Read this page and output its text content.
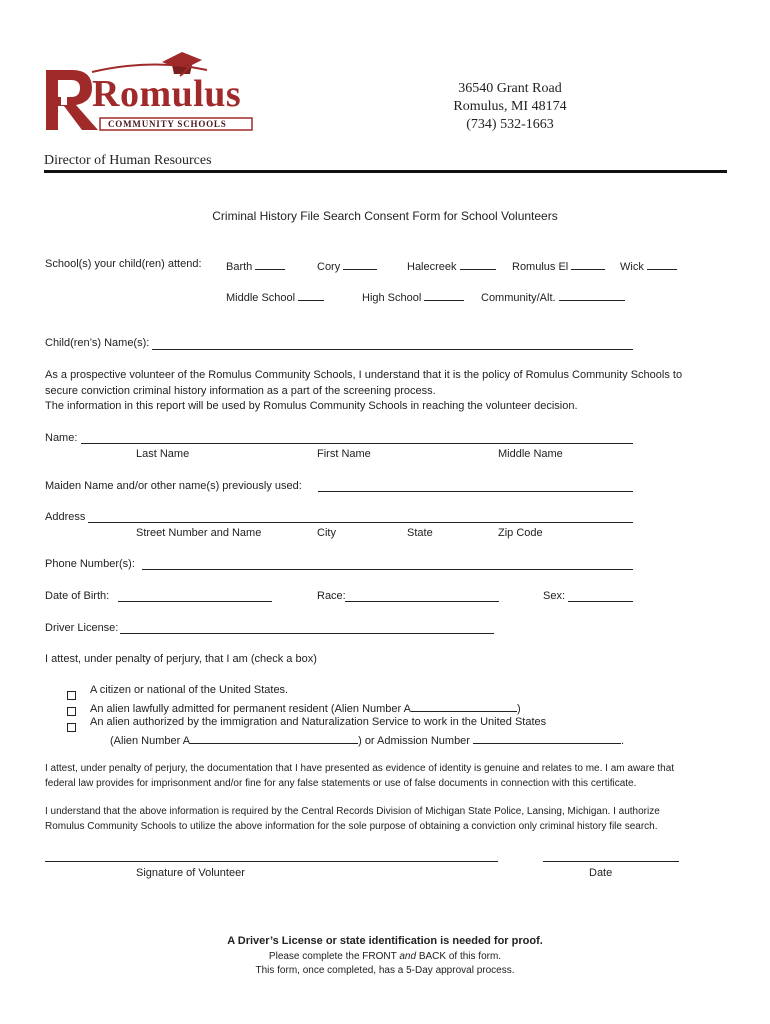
Romulus
COMMUNITY SCHOOLS
36540 Grant Road
Romulus, MI 48174
(734) 532-1663
Director of Human Resources
Criminal History File Search Consent Form for School Volunteers
School(s) your child(ren) attend: Barth	Cory	Halecreek	Romulus El	Wick
Middle School	High School	Community/Alt.
Child(ren’s) Name(s):
As a prospective volunteer of the Romulus Community Schools, I understand that it is the policy of Romulus Community Schools to
secure conviction criminal history information as a part of the screening process.
The information in this report will be used by Romulus Community Schools in reaching the volunteer decision.
Name:
Last Name	First Name	Middle Name
Maiden Name and/or other name(s) previously used:
Address
Street Number and Name	City	State	Zip Code
Phone Number(s):
Date of Birth:	Race:	Sex:
Driver License:
I attest, under penalty of perjury, that I am (check a box)
A citizen or national of the United States.
An alien lawfully admitted for permanent resident (Alien Number A	)
An alien authorized by the immigration and Naturalization Service to work in the United States
(Alien Number A	) or Admission Number	.
I attest, under penalty of perjury, the documentation that I have presented as evidence of identity is genuine and relates to me. I am aware that
federal law provides for imprisonment and/or fine for any false statements or use of false documents in connection with this certificate.
I understand that the above information is required by the Central Records Division of Michigan State Police, Lansing, Michigan. I authorize
Romulus Community Schools to utilize the above information for the sole purpose of obtaining a conviction only criminal history file search.
Signature of Volunteer	Date
A Driver’s License or state identification is needed for proof.
Please complete the FRONT and BACK of this form.
This form, once completed, has a 5-Day approval process.
